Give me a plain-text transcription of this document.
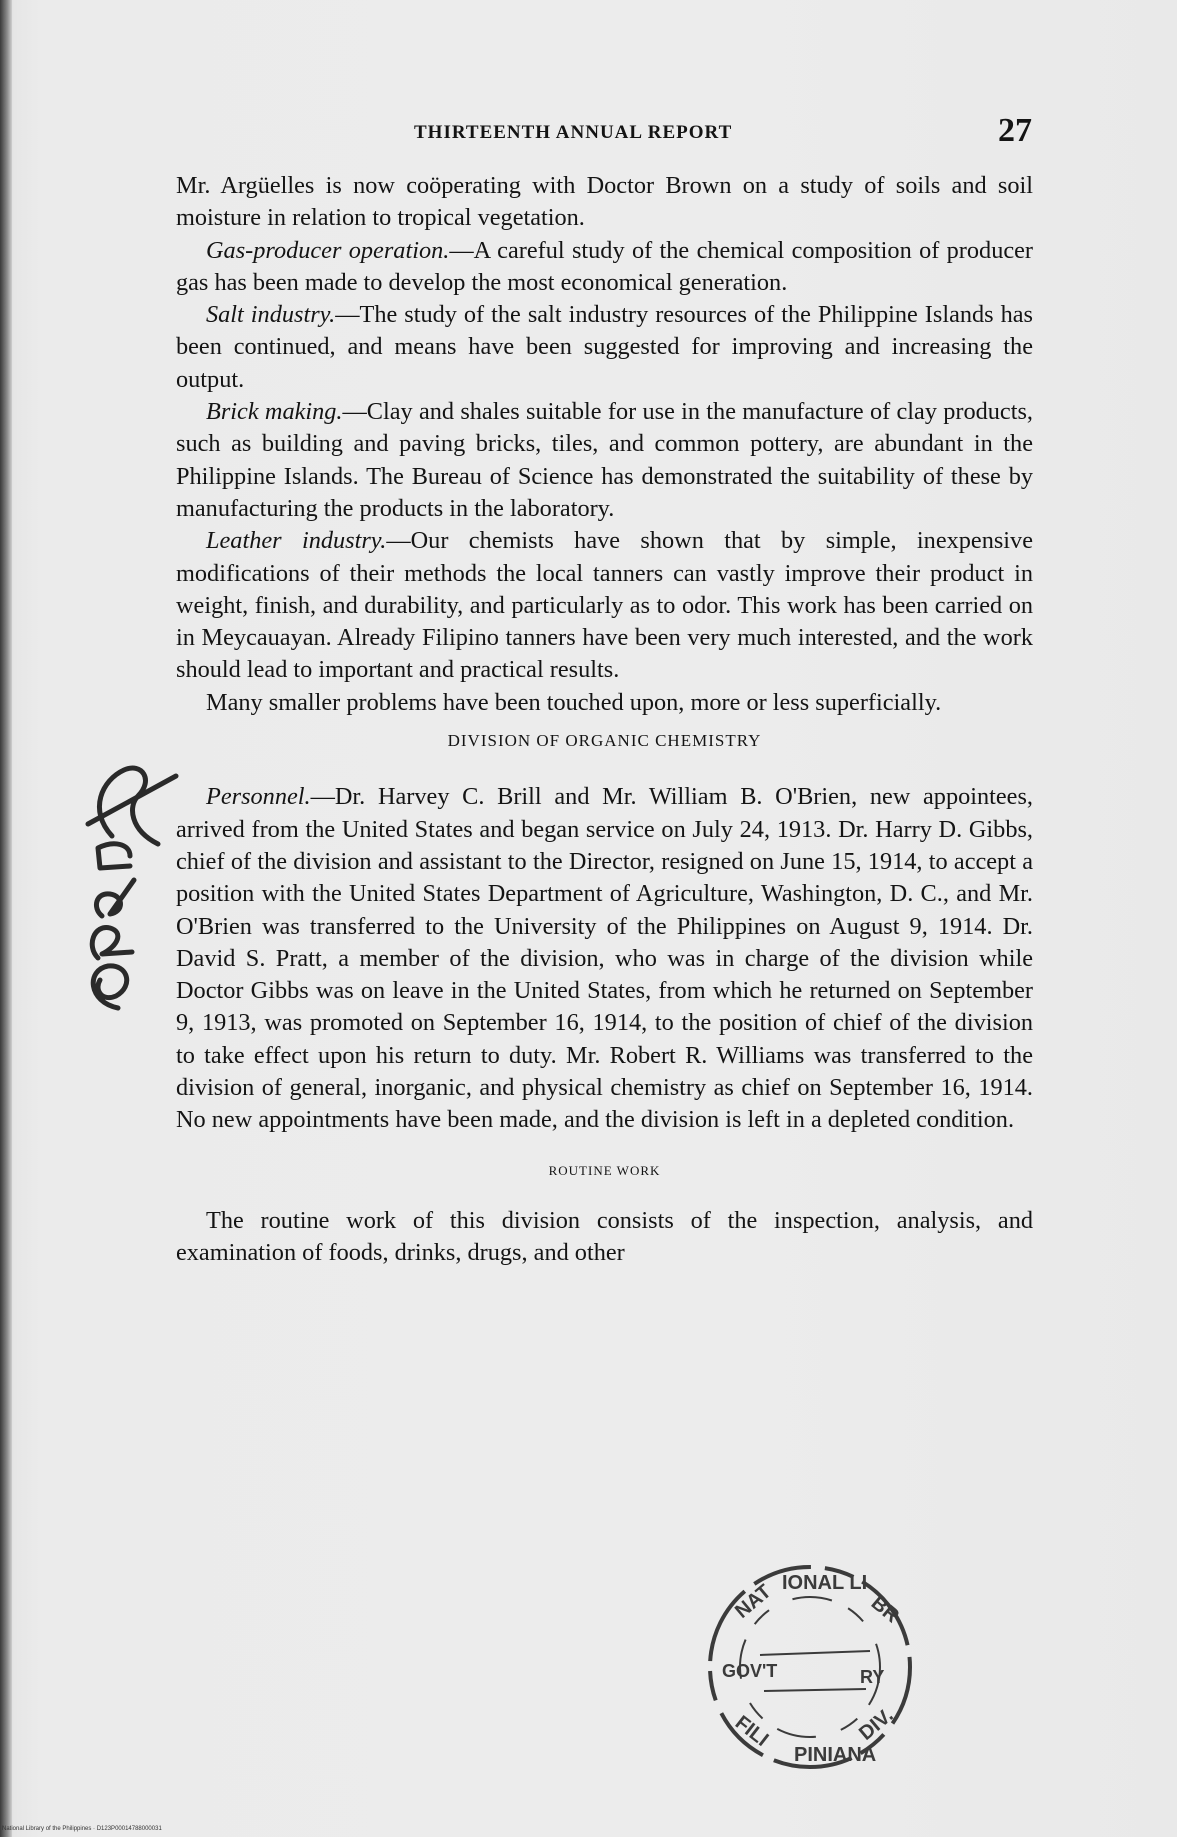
THIRTEENTH ANNUAL REPORT	27

Mr. Argüelles is now coöperating with Doctor Brown on a study of soils and soil moisture in relation to tropical vegetation.

Gas-producer operation.—A careful study of the chemical composition of producer gas has been made to develop the most economical generation.

Salt industry.—The study of the salt industry resources of the Philippine Islands has been continued, and means have been suggested for improving and increasing the output.

Brick making.—Clay and shales suitable for use in the manufacture of clay products, such as building and paving bricks, tiles, and common pottery, are abundant in the Philippine Islands. The Bureau of Science has demonstrated the suitability of these by manufacturing the products in the laboratory.

Leather industry.—Our chemists have shown that by simple, inexpensive modifications of their methods the local tanners can vastly improve their product in weight, finish, and durability, and particularly as to odor. This work has been carried on in Meycauayan. Already Filipino tanners have been very much interested, and the work should lead to important and practical results.

Many smaller problems have been touched upon, more or less superficially.

DIVISION OF ORGANIC CHEMISTRY

Personnel.—Dr. Harvey C. Brill and Mr. William B. O'Brien, new appointees, arrived from the United States and began service on July 24, 1913. Dr. Harry D. Gibbs, chief of the division and assistant to the Director, resigned on June 15, 1914, to accept a position with the United States Department of Agriculture, Washington, D. C., and Mr. O'Brien was transferred to the University of the Philippines on August 9, 1914. Dr. David S. Pratt, a member of the division, who was in charge of the division while Doctor Gibbs was on leave in the United States, from which he returned on September 9, 1913, was promoted on September 16, 1914, to the position of chief of the division to take effect upon his return to duty. Mr. Robert R. Williams was transferred to the division of general, inorganic, and physical chemistry as chief on September 16, 1914. No new appointments have been made, and the division is left in a depleted condition.

ROUTINE WORK

The routine work of this division consists of the inspection, analysis, and examination of foods, drinks, drugs, and other

NAT IONAL LI
BR
GOV'T	RY
FILI
PINIANA
DIV.
National Library of the Philippines · D123P00014788000031
